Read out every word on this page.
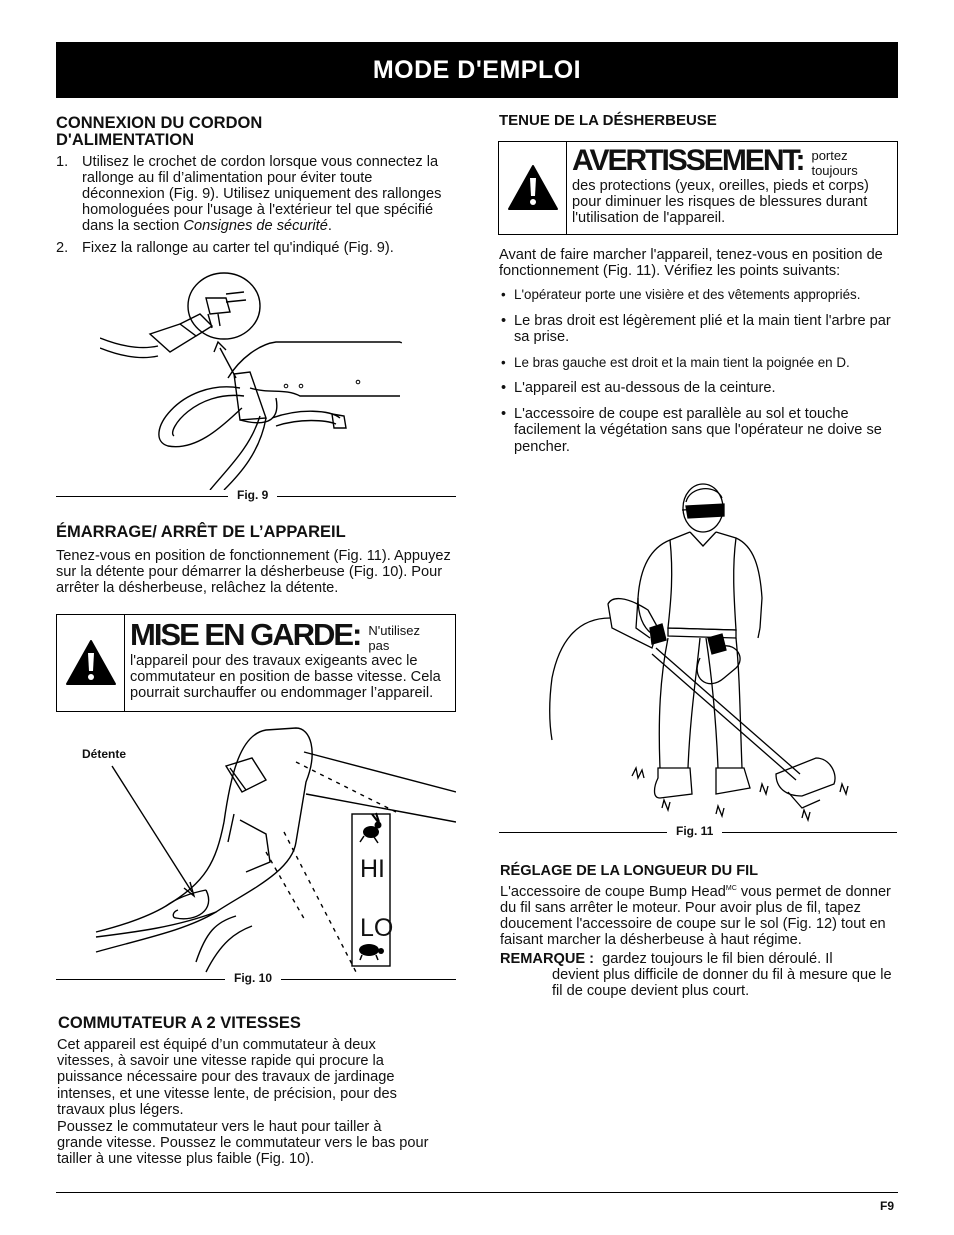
MODE D'EMPLOI
CONNEXION DU CORDON D'ALIMENTATION
1. Utilisez le crochet de cordon lorsque vous connectez la rallonge au fil d’alimentation pour éviter toute déconnexion (Fig. 9). Utilisez uniquement des rallonges homologuées pour l'usage à l'extérieur tel que spécifié dans la section Consignes de sécurité.
2. Fixez la rallonge au carter tel qu'indiqué (Fig. 9).
Fig. 9
ÉMARRAGE/ ARRÊT DE L’APPAREIL

Tenez-vous en position de fonctionnement (Fig. 11). Appuyez sur la détente pour démarrer la désherbeuse (Fig. 10). Pour arrêter la désherbeuse, relâchez la détente.

MISE EN GARDE: N'utilisez pas
l'appareil pour des travaux exigeants avec le commutateur en position de basse vitesse. Cela pourrait surchauffer ou endommager l’appareil.
Détente
HI
LO
Fig. 10
COMMUTATEUR A 2 VITESSES

Cet appareil est équipé d’un commutateur à deux vitesses, à savoir une vitesse rapide qui procure la puissance nécessaire pour des travaux de jardinage intenses, et une vitesse lente, de précision, pour des travaux plus légers.

Poussez le commutateur vers le haut pour tailler à grande vitesse. Poussez le commutateur vers le bas pour tailler à une vitesse plus faible (Fig. 10).

TENUE DE LA DÉSHERBEUSE
AVERTISSEMENT: portez toujours
des protections (yeux, oreilles, pieds et corps) pour diminuer les risques de blessures durant l'utilisation de l'appareil.

Avant de faire marcher l'appareil, tenez-vous en position de fonctionnement (Fig. 11). Vérifiez les points suivants:

• L'opérateur porte une visière et des vêtements appropriés.
• Le bras droit est légèrement plié et la main tient l'arbre par sa prise.
• Le bras gauche est droit et la main tient la poignée en D.
• L'appareil est au-dessous de la ceinture.
• L'accessoire de coupe est parallèle au sol et touche facilement la végétation sans que l'opérateur ne doive se pencher.
Fig. 11
RÉGLAGE DE LA LONGUEUR DU FIL

L'accessoire de coupe Bump Head$^{MC}$ vous permet de donner du fil sans arrêter le moteur. Pour avoir plus de fil, tapez doucement l'accessoire de coupe sur le sol (Fig. 12) tout en faisant marcher la désherbeuse à haut régime.

REMARQUE : gardez toujours le fil bien déroulé. Il
devient plus difficile de donner du fil à mesure que le fil de coupe devient plus court.
F9
